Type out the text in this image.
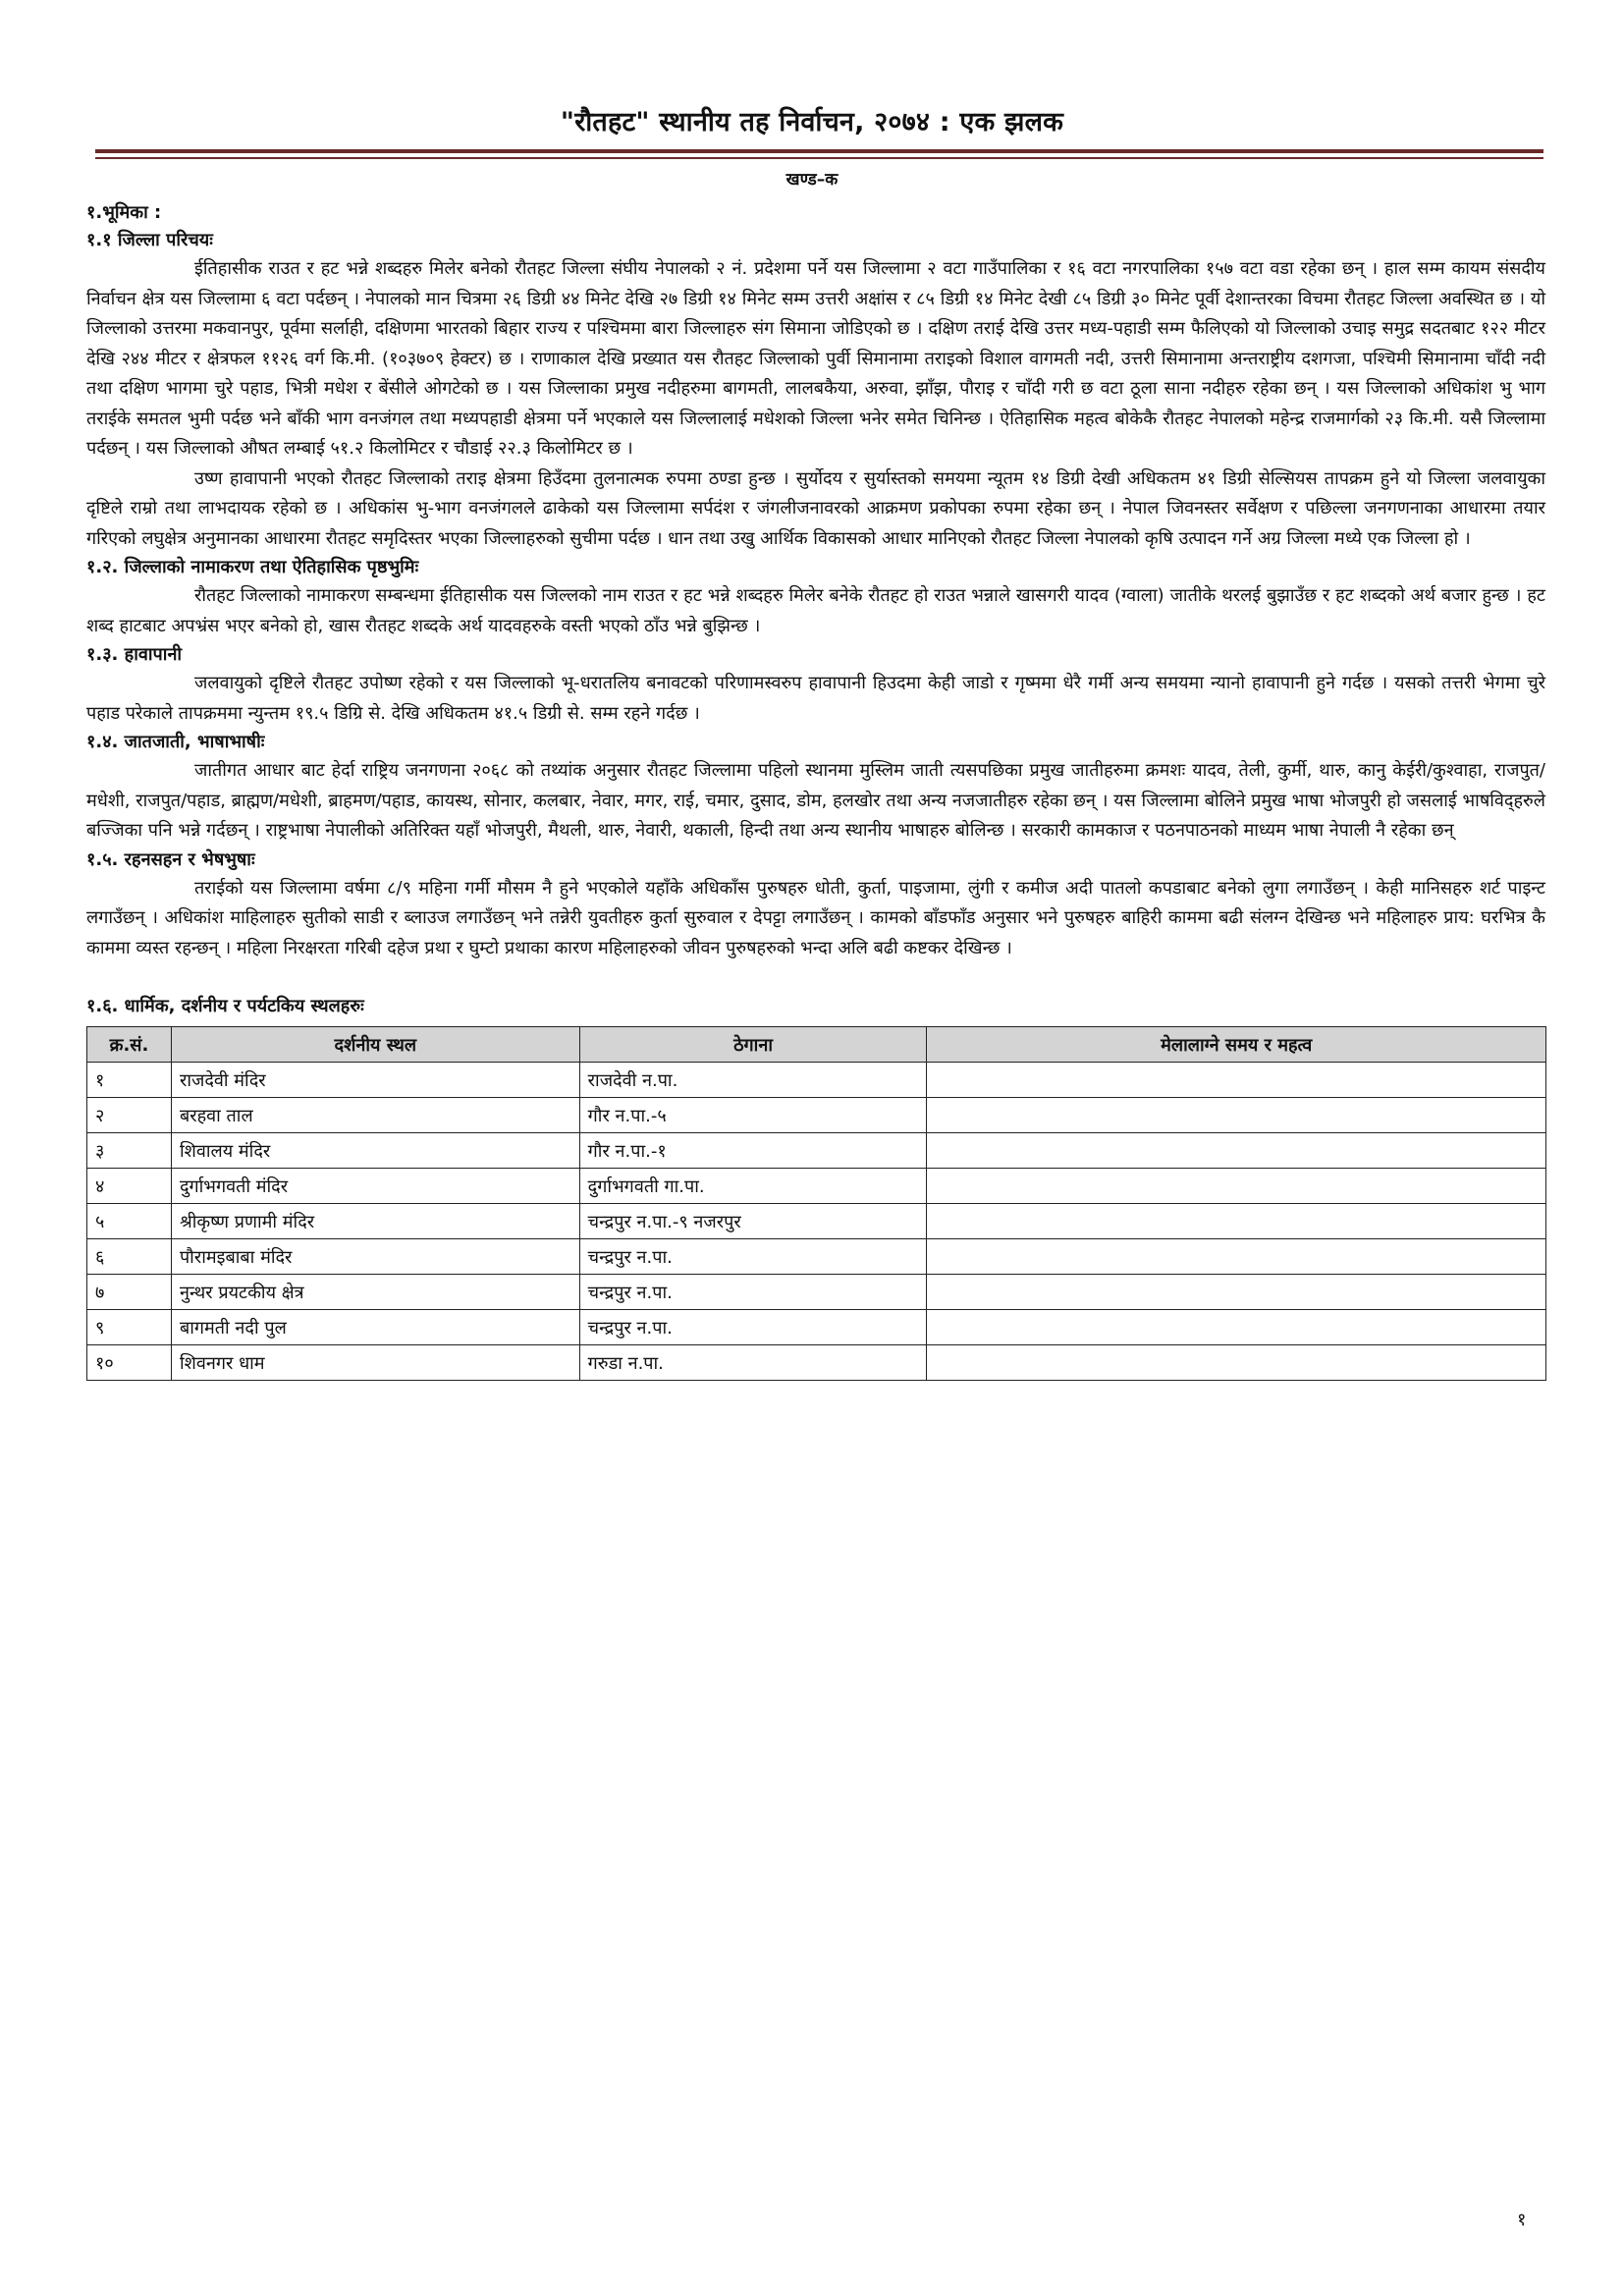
"रौतहट" स्थानीय तह निर्वाचन, २०७४ : एक झलक
खण्ड–क
१.भूमिका :
१.१ जिल्ला परिचयः

ईतिहासीक राउत र हट भन्ने शब्दहरु मिलेर बनेको रौतहट जिल्ला संघीय नेपालको २ नं. प्रदेशमा पर्ने यस जिल्लामा २ वटा गाउँपालिका र १६ वटा नगरपालिका १५७ वटा वडा रहेका छन् । हाल सम्म कायम संसदीय निर्वाचन क्षेत्र यस जिल्लामा ६ वटा पर्दछन् । नेपालको मान चित्रमा २६ डिग्री ४४ मिनेट देखि २७ डिग्री १४ मिनेट सम्म उत्तरी अक्षांस र ८५ डिग्री १४ मिनेट देखी ८५ डिग्री ३० मिनेट पूर्वी देशान्तरका विचमा रौतहट जिल्ला अवस्थित छ । यो जिल्लाको उत्तरमा मकवानपुर, पूर्वमा सर्लाही, दक्षिणमा भारतको बिहार राज्य र पश्चिममा बारा जिल्लाहरु संग सिमाना जोडिएको छ । दक्षिण तराई देखि उत्तर मध्य-पहाडी सम्म फैलिएको यो जिल्लाको उचाइ समुद्र सदतबाट १२२ मीटर देखि २४४ मीटर र क्षेत्रफल ११२६ वर्ग कि.मी. (१०३७०९ हेक्टर) छ । राणाकाल देखि प्रख्यात यस रौतहट जिल्लाको पुर्वी सिमानामा तराइको विशाल वागमती नदी, उत्तरी सिमानामा अन्तराष्ट्रीय दशगजा, पश्चिमी सिमानामा चाँदी नदी तथा दक्षिण भागमा चुरे पहाड, भित्री मधेश र बेंसीले ओगटेको छ । यस जिल्लाका प्रमुख नदीहरुमा बागमती, लालबकैया, अरुवा, झाँझ, पौराइ र चाँदी गरी छ वटा ठूला साना नदीहरु रहेका छन् । यस जिल्लाको अधिकांश भु भाग तराईके समतल भुमी पर्दछ भने बाँकी भाग वनजंगल तथा मध्यपहाडी क्षेत्रमा पर्ने भएकाले यस जिल्लालाई मधेशको जिल्ला भनेर समेत चिनिन्छ । ऐतिहासिक महत्व बोकेकै रौतहट नेपालको महेन्द्र राजमार्गको २३ कि.मी. यसै जिल्लामा पर्दछन् । यस जिल्लाको औषत लम्बाई ५१.२ किलोमिटर र चौडाई २२.३ किलोमिटर छ ।

उष्ण हावापानी भएको रौतहट जिल्लाको तराइ क्षेत्रमा हिउँदमा तुलनात्मक रुपमा ठण्डा हुन्छ । सुर्योदय र सुर्यास्तको समयमा न्यूतम १४ डिग्री देखी अधिकतम ४१ डिग्री सेल्सियस तापक्रम हुने यो जिल्ला जलवायुका दृष्टिले राम्रो तथा लाभदायक रहेको छ । अधिकांस भु-भाग वनजंगलले ढाकेको यस जिल्लामा सर्पदंश र जंगलीजनावरको आक्रमण प्रकोपका रुपमा रहेका छन् । नेपाल जिवनस्तर सर्वेक्षण र पछिल्ला जनगणनाका आधारमा तयार गरिएको लघुक्षेत्र अनुमानका आधारमा रौतहट समृदिस्तर भएका जिल्लाहरुको सुचीमा पर्दछ । धान तथा उखु आर्थिक विकासको आधार मानिएको रौतहट जिल्ला नेपालको कृषि उत्पादन गर्ने अग्र जिल्ला मध्ये एक जिल्ला हो ।

१.२. जिल्लाको नामाकरण तथा ऐतिहासिक पृष्ठभुमिः

रौतहट जिल्लाको नामाकरण सम्बन्धमा ईतिहासीक यस जिल्लको नाम राउत र हट भन्ने शब्दहरु मिलेर बनेके रौतहट हो राउत भन्नाले खासगरी यादव (ग्वाला) जातीके थरलई बुझाउँछ र हट शब्दको अर्थ बजार हुन्छ । हट शब्द हाटबाट अपभ्रंस भएर बनेको हो, खास रौतहट शब्दके अर्थ यादवहरुके वस्ती भएको ठाँउ भन्ने बुझिन्छ ।

१.३. हावापानी

जलवायुको दृष्टिले रौतहट उपोष्ण रहेको र यस जिल्लाको भू-धरातलिय बनावटको परिणामस्वरुप हावापानी हिउदमा केही जाडो र गृष्ममा धेरै गर्मी अन्य समयमा न्यानो हावापानी हुने गर्दछ । यसको तत्तरी भेगमा चुरे पहाड परेकाले तापक्रममा न्युन्तम १९.५ डिग्रि से. देखि अधिकतम ४१.५ डिग्री से. सम्म रहने गर्दछ ।

१.४. जातजाती, भाषाभाषीः

जातीगत आधार बाट हेर्दा राष्ट्रिय जनगणना २०६८ को तथ्यांक अनुसार रौतहट जिल्लामा पहिलो स्थानमा मुस्लिम जाती त्यसपछिका प्रमुख जातीहरुमा क्रमशः यादव, तेली, कुर्मी, थारु, कानु केईरी/कुश्वाहा, राजपुत/मधेशी, राजपुत/पहाड, ब्राह्मण/मधेशी, ब्राहमण/पहाड, कायस्थ, सोनार, कलबार, नेवार, मगर, राई, चमार, दुसाद, डोम, हलखोर तथा अन्य नजजातीहरु रहेका छन् । यस जिल्लामा बोलिने प्रमुख भाषा भोजपुरी हो जसलाई भाषविद्हरुले बज्जिका पनि भन्ने गर्दछन् । राष्ट्रभाषा नेपालीको अतिरिक्त यहाँ भोजपुरी, मैथली, थारु, नेवारी, थकाली, हिन्दी तथा अन्य स्थानीय भाषाहरु बोलिन्छ । सरकारी कामकाज र पठनपाठनको माध्यम भाषा नेपाली नै रहेका छन्

१.५. रहनसहन र भेषभुषाः

तराईको यस जिल्लामा वर्षमा ८/९ महिना गर्मी मौसम नै हुने भएकोले यहाँके अधिकाँस पुरुषहरु धोती, कुर्ता, पाइजामा, लुंगी र कमीज अदी पातलो कपडाबाट बनेको लुगा लगाउँछन् । केही मानिसहरु शर्ट पाइन्ट लगाउँछन् । अधिकांश माहिलाहरु सुतीको साडी र ब्लाउज लगाउँछन् भने तन्नेरी युवतीहरु कुर्ता सुरुवाल र देपट्टा लगाउँछन् । कामको बाँडफाँड अनुसार भने पुरुषहरु बाहिरी काममा बढी संलग्न देखिन्छ भने महिलाहरु प्राय: घरभित्र कै काममा व्यस्त रहन्छन् । महिला निरक्षरता गरिबी दहेज प्रथा र घुम्टो प्रथाका कारण महिलाहरुको जीवन पुरुषहरुको भन्दा अलि बढी कष्टकर देखिन्छ ।

१.६. धार्मिक, दर्शनीय र पर्यटकिय स्थलहरुः
क्र.सं.	दर्शनीय स्थल	ठेगाना	मेलालाग्ने समय र महत्व
१	राजदेवी मंदिर	राजदेवी न.पा.	
२	बरहवा ताल	गौर न.पा.-५	
३	शिवालय मंदिर	गौर न.पा.-१	
४	दुर्गाभगवती मंदिर	दुर्गाभगवती गा.पा.	
५	श्रीकृष्ण प्रणामी मंदिर	चन्द्रपुर न.पा.-९ नजरपुर	
६	पौरामइबाबा मंदिर	चन्द्रपुर न.पा.	
७	नुन्थर प्रयटकीय क्षेत्र	चन्द्रपुर न.पा.	
९	बागमती नदी पुल	चन्द्रपुर न.पा.	
१०	शिवनगर धाम	गरुडा न.पा.	
१
